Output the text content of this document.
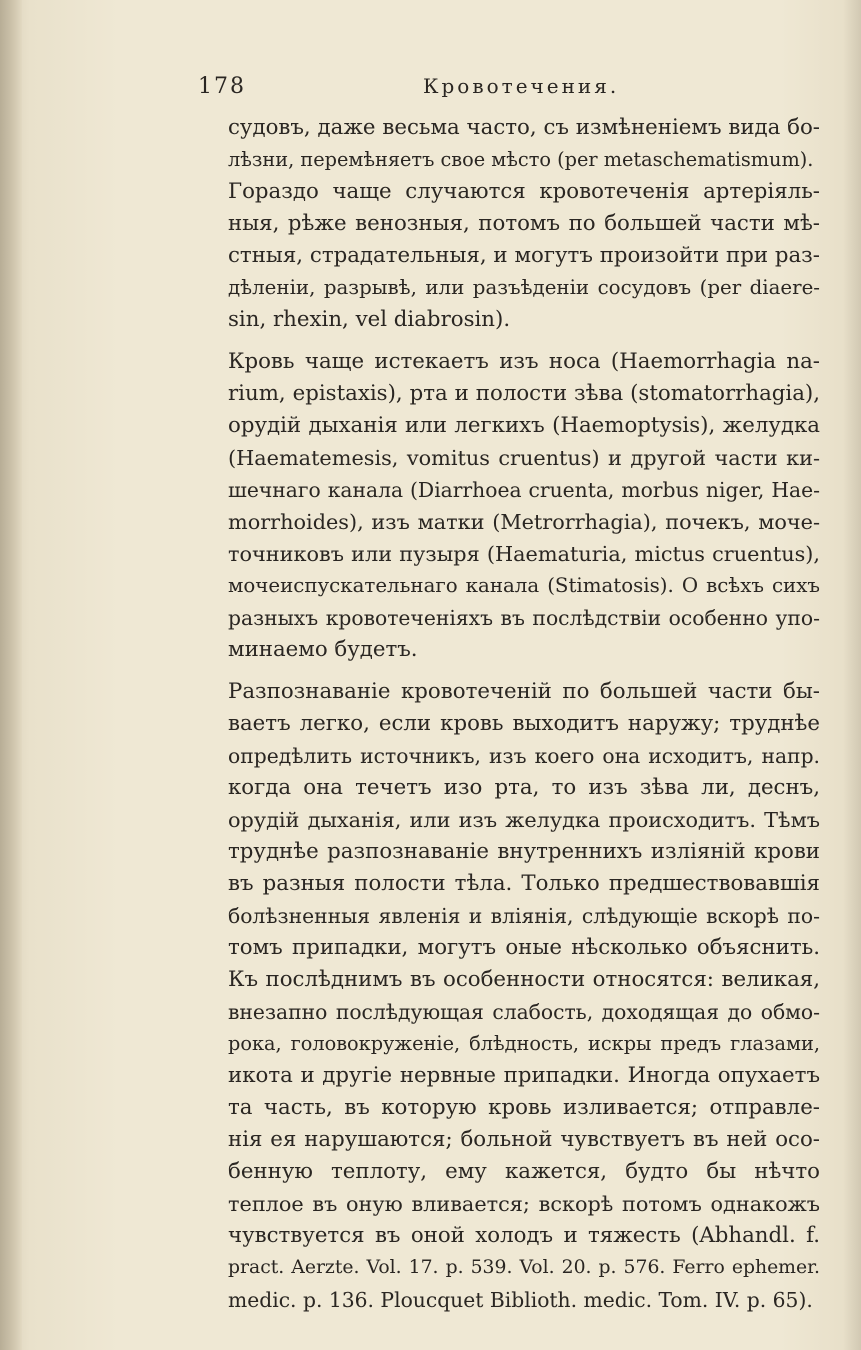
178	Кровотечения.
судовъ, даже весьма часто, съ измѣненіемъ вида бо-
лѣзни, перемѣняетъ свое мѣсто (per metaschematismum).
Гораздо чаще случаются кровотеченія артеріяль-
ныя, рѣже венозныя, потомъ по большей части мѣ-
стныя, страдательныя, и могутъ произойти при раз-
дѣленіи, разрывѣ, или разъѣденіи сосудовъ (per diaere-
sin, rhexin, vel diabrosin).
Кровь чаще истекаетъ изъ носа (Haemorrhagia na-
rium, epistaxis), рта и полости зѣва (stomatorrhagia),
орудій дыханія или легкихъ (Haemoptysis), желудка
(Haematemesis, vomitus cruentus) и другой части ки-
шечнаго канала (Diarrhoea cruenta, morbus niger, Hae-
morrhoides), изъ матки (Metrorrhagia), почекъ, моче-
точниковъ или пузыря (Haematuria, mictus cruentus),
мочеиспускательнаго канала (Stimatosis). О всѣхъ сихъ
разныхъ кровотеченіяхъ въ послѣдствіи особенно упо-
минаемо будетъ.
Разпознаваніе кровотеченій по большей части бы-
ваетъ легко, если кровь выходитъ наружу; труднѣе
опредѣлить источникъ, изъ коего она исходитъ, напр.
когда она течетъ изо рта, то изъ зѣва ли, деснъ,
орудій дыханія, или изъ желудка происходитъ. Тѣмъ
труднѣе разпознаваніе внутреннихъ изліяній крови
въ разныя полости тѣла. Только предшествовавшія
болѣзненныя явленія и вліянія, слѣдующіе вскорѣ по-
томъ припадки, могутъ оные нѣсколько объяснить.
Къ послѣднимъ въ особенности относятся: великая,
внезапно послѣдующая слабость, доходящая до обмо-
рока, головокруженіе, блѣдность, искры предъ глазами,
икота и другіе нервные припадки. Иногда опухаетъ
та часть, въ которую кровь изливается; отправле-
нія ея нарушаются; больной чувствуетъ въ ней осо-
бенную теплоту, ему кажется, будто бы нѣчто
теплое въ оную вливается; вскорѣ потомъ однакожъ
чувствуется въ оной холодъ и тяжесть (Abhandl. f.
pract. Aerzte. Vol. 17. p. 539. Vol. 20. p. 576. Ferro ephemer.
medic. p. 136. Ploucquet Biblioth. medic. Tom. IV. p. 65).
